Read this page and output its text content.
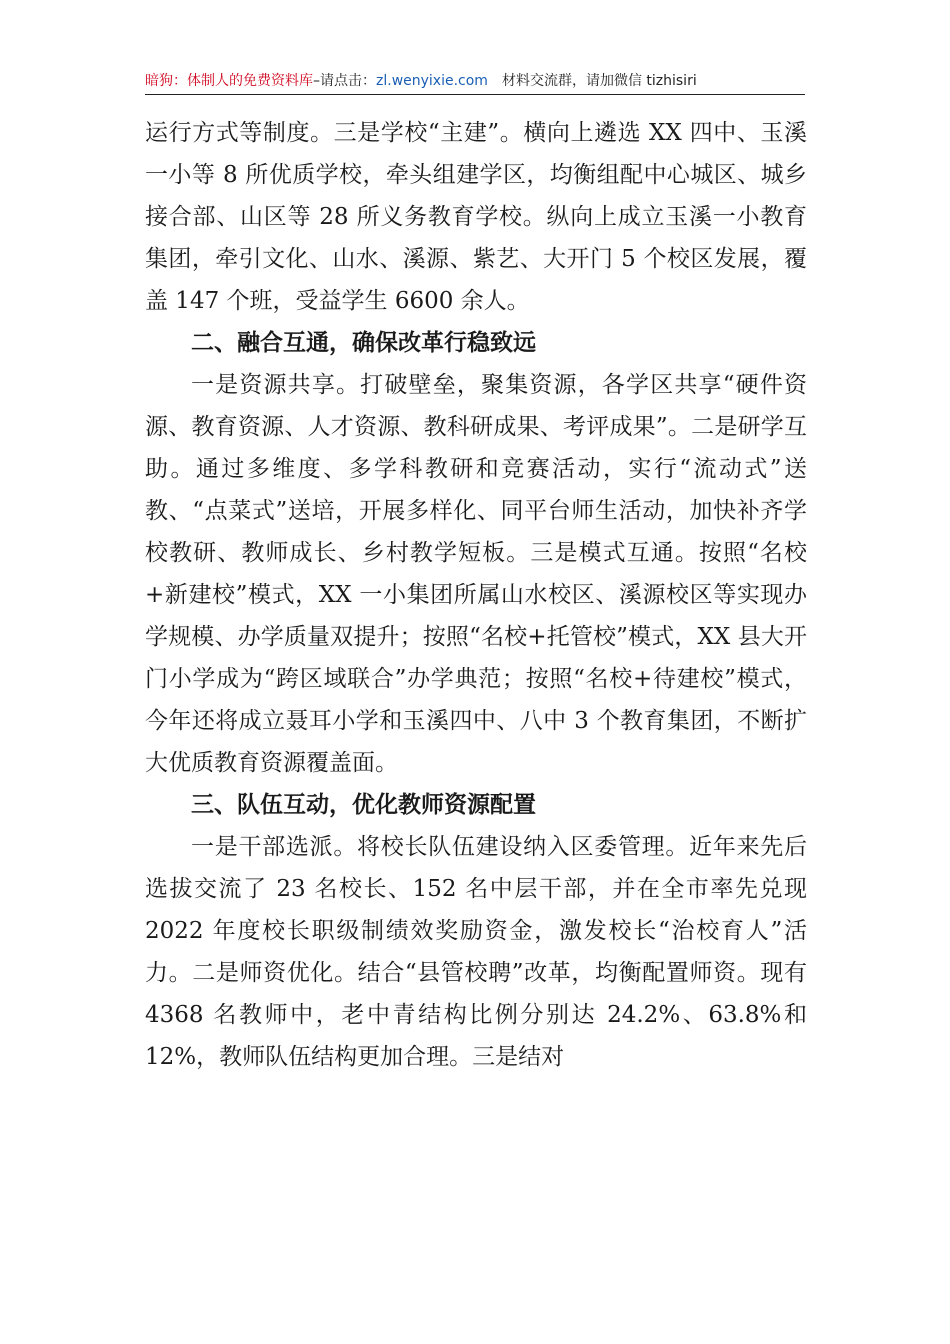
暗狗：体制人的免费资料库–请点击：zl.wenyixie.com 材料交流群，请加微信 tizhisiri

运行方式等制度。三是学校“主建”。横向上遴选 XX 四中、玉溪一小等 8 所优质学校，牵头组建学区，均衡组配中心城区、城乡接合部、山区等 28 所义务教育学校。纵向上成立玉溪一小教育集团，牵引文化、山水、溪源、紫艺、大开门 5 个校区发展，覆盖 147 个班，受益学生 6600 余人。

二、融合互通，确保改革行稳致远

一是资源共享。打破壁垒，聚集资源，各学区共享“硬件资源、教育资源、人才资源、教科研成果、考评成果”。二是研学互助。通过多维度、多学科教研和竞赛活动，实行“流动式”送教、“点菜式”送培，开展多样化、同平台师生活动，加快补齐学校教研、教师成长、乡村教学短板。三是模式互通。按照“名校+新建校”模式，XX 一小集团所属山水校区、溪源校区等实现办学规模、办学质量双提升；按照“名校+托管校”模式，XX 县大开门小学成为“跨区域联合”办学典范；按照“名校+待建校”模式，今年还将成立聂耳小学和玉溪四中、八中 3 个教育集团，不断扩大优质教育资源覆盖面。

三、队伍互动，优化教师资源配置

一是干部选派。将校长队伍建设纳入区委管理。近年来先后选拔交流了 23 名校长、152 名中层干部，并在全市率先兑现 2022 年度校长职级制绩效奖励资金，激发校长“治校育人”活力。二是师资优化。结合“县管校聘”改革，均衡配置师资。现有 4368 名教师中，老中青结构比例分别达 24.2%、63.8%和 12%，教师队伍结构更加合理。三是结对
